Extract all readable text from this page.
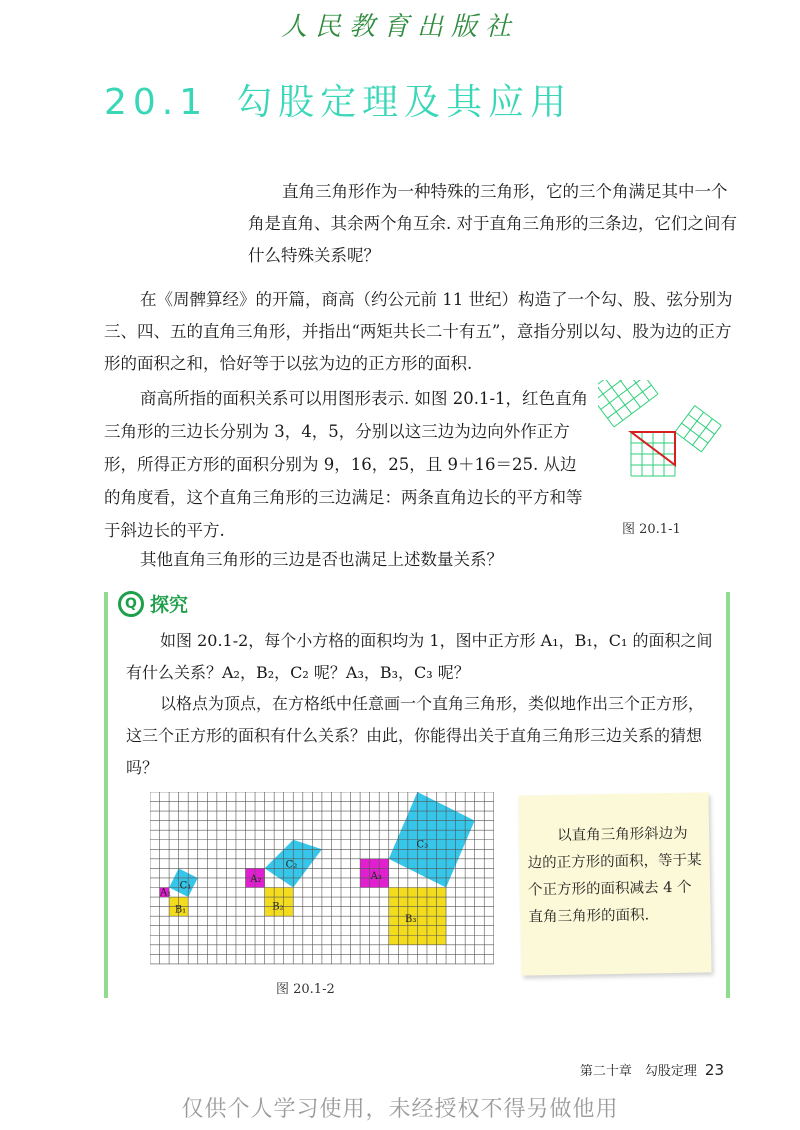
人民教育出版社
20.1 勾股定理及其应用

直角三角形作为一种特殊的三角形，它的三个角满足其中一个角是直角、其余两个角互余. 对于直角三角形的三条边，它们之间有什么特殊关系呢？

在《周髀算经》的开篇，商高（约公元前 11 世纪）构造了一个勾、股、弦分别为三、四、五的直角三角形，并指出“两矩共长二十有五”，意指分别以勾、股为边的正方形的面积之和，恰好等于以弦为边的正方形的面积.

商高所指的面积关系可以用图形表示. 如图 20.1-1，红色直角三角形的三边长分别为 3，4，5，分别以这三边为边向外作正方形，所得正方形的面积分别为 9，16，25，且 9＋16＝25. 从边的角度看，这个直角三角形的三边满足：两条直角边长的平方和等于斜边长的平方.

其他直角三角形的三边是否也满足上述数量关系？

图 20.1-1
Q 探究

如图 20.1-2，每个小方格的面积均为 1，图中正方形 A₁，B₁，C₁ 的面积之间有什么关系？A₂，B₂，C₂ 呢？A₃，B₃，C₃ 呢？

以格点为顶点，在方格纸中任意画一个直角三角形，类似地作出三个正方形，这三个正方形的面积有什么关系？由此，你能得出关于直角三角形三边关系的猜想吗？

A₁
B₁
C₁
A₂
B₂
C₂
A₃
B₃
C₃
图 20.1-2

以直角三角形斜边为边的正方形的面积，等于某个正方形的面积减去 4 个直角三角形的面积.

第二十章　勾股定理 23
仅供个人学习使用，未经授权不得另做他用
